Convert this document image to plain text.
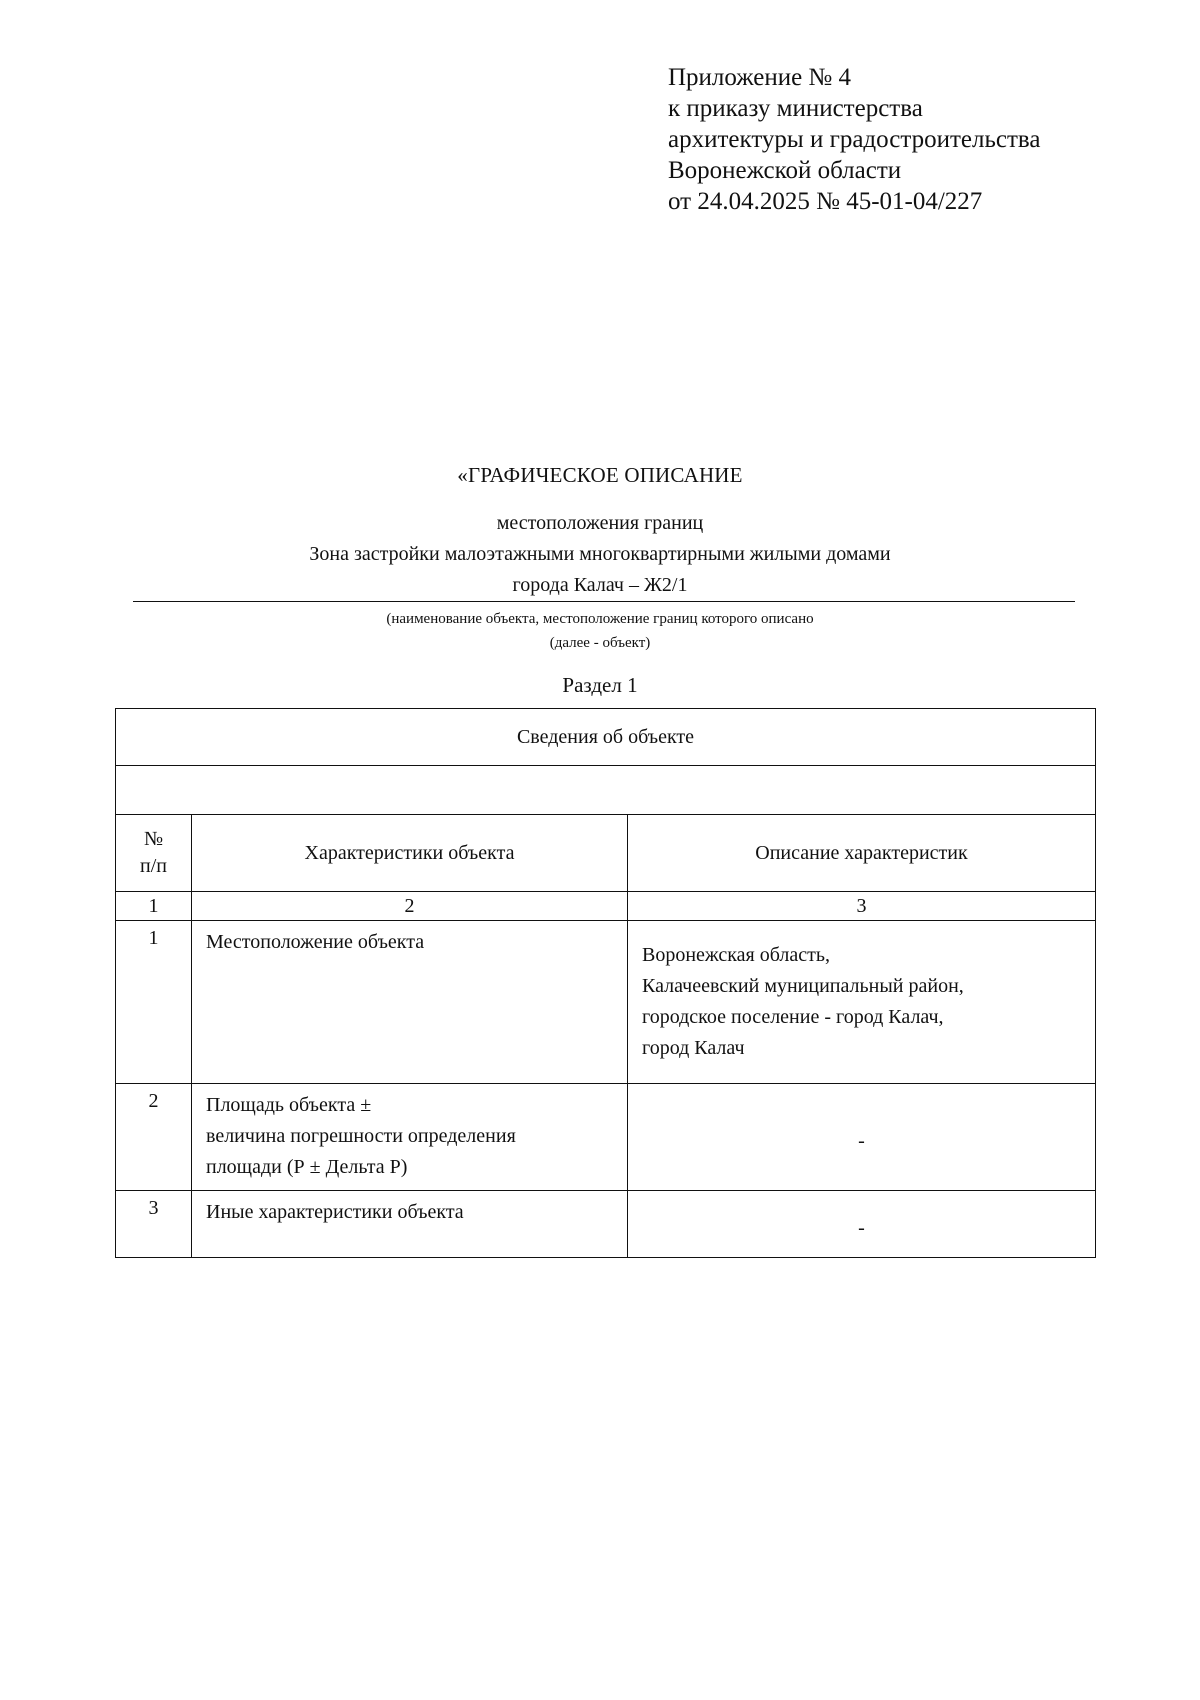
Приложение № 4
к приказу министерства
архитектуры и градостроительства
Воронежской области
от 24.04.2025 № 45-01-04/227
«ГРАФИЧЕСКОЕ ОПИСАНИЕ
местоположения границ
Зона застройки малоэтажными многоквартирными жилыми домами
города Калач – Ж2/1
(наименование объекта, местоположение границ которого описано
(далее - объект)
Раздел 1
Сведения об объекте		

№ п/п	Характеристики объекта	Описание характеристик
1	2	3
1	Местоположение объекта	Воронежская область,
Калачеевский муниципальный район,
городское поселение - город Калач,
город Калач

2	Площадь объекта ±
величина погрешности определения
площади (Р ± Дельта Р)	-
3	Иные характеристики объекта	-
